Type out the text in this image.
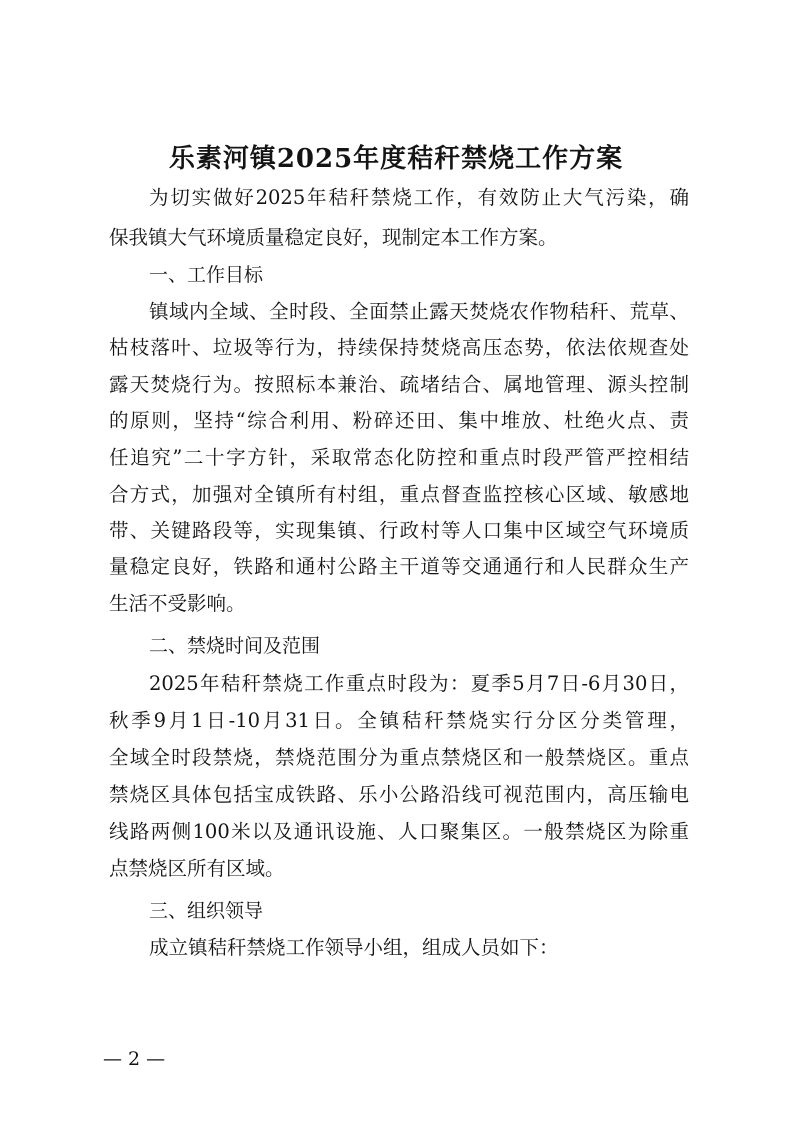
乐素河镇2025年度秸秆禁烧工作方案
为切实做好2025年秸秆禁烧工作，有效防止大气污染，确
保我镇大气环境质量稳定良好，现制定本工作方案。
一、工作目标
镇域内全域、全时段、全面禁止露天焚烧农作物秸秆、荒草、
枯枝落叶、垃圾等行为，持续保持焚烧高压态势，依法依规查处
露天焚烧行为。按照标本兼治、疏堵结合、属地管理、源头控制
的原则，坚持“综合利用、粉碎还田、集中堆放、杜绝火点、责
任追究”二十字方针，采取常态化防控和重点时段严管严控相结
合方式，加强对全镇所有村组，重点督查监控核心区域、敏感地
带、关键路段等，实现集镇、行政村等人口集中区域空气环境质
量稳定良好，铁路和通村公路主干道等交通通行和人民群众生产
生活不受影响。
二、禁烧时间及范围
2025年秸秆禁烧工作重点时段为：夏季5月7日-6月30日，
秋季9月1日-10月31日。全镇秸秆禁烧实行分区分类管理，
全域全时段禁烧，禁烧范围分为重点禁烧区和一般禁烧区。重点
禁烧区具体包括宝成铁路、乐小公路沿线可视范围内，高压输电
线路两侧100米以及通讯设施、人口聚集区。一般禁烧区为除重
点禁烧区所有区域。
三、组织领导
成立镇秸秆禁烧工作领导小组，组成人员如下：
— 2 —
